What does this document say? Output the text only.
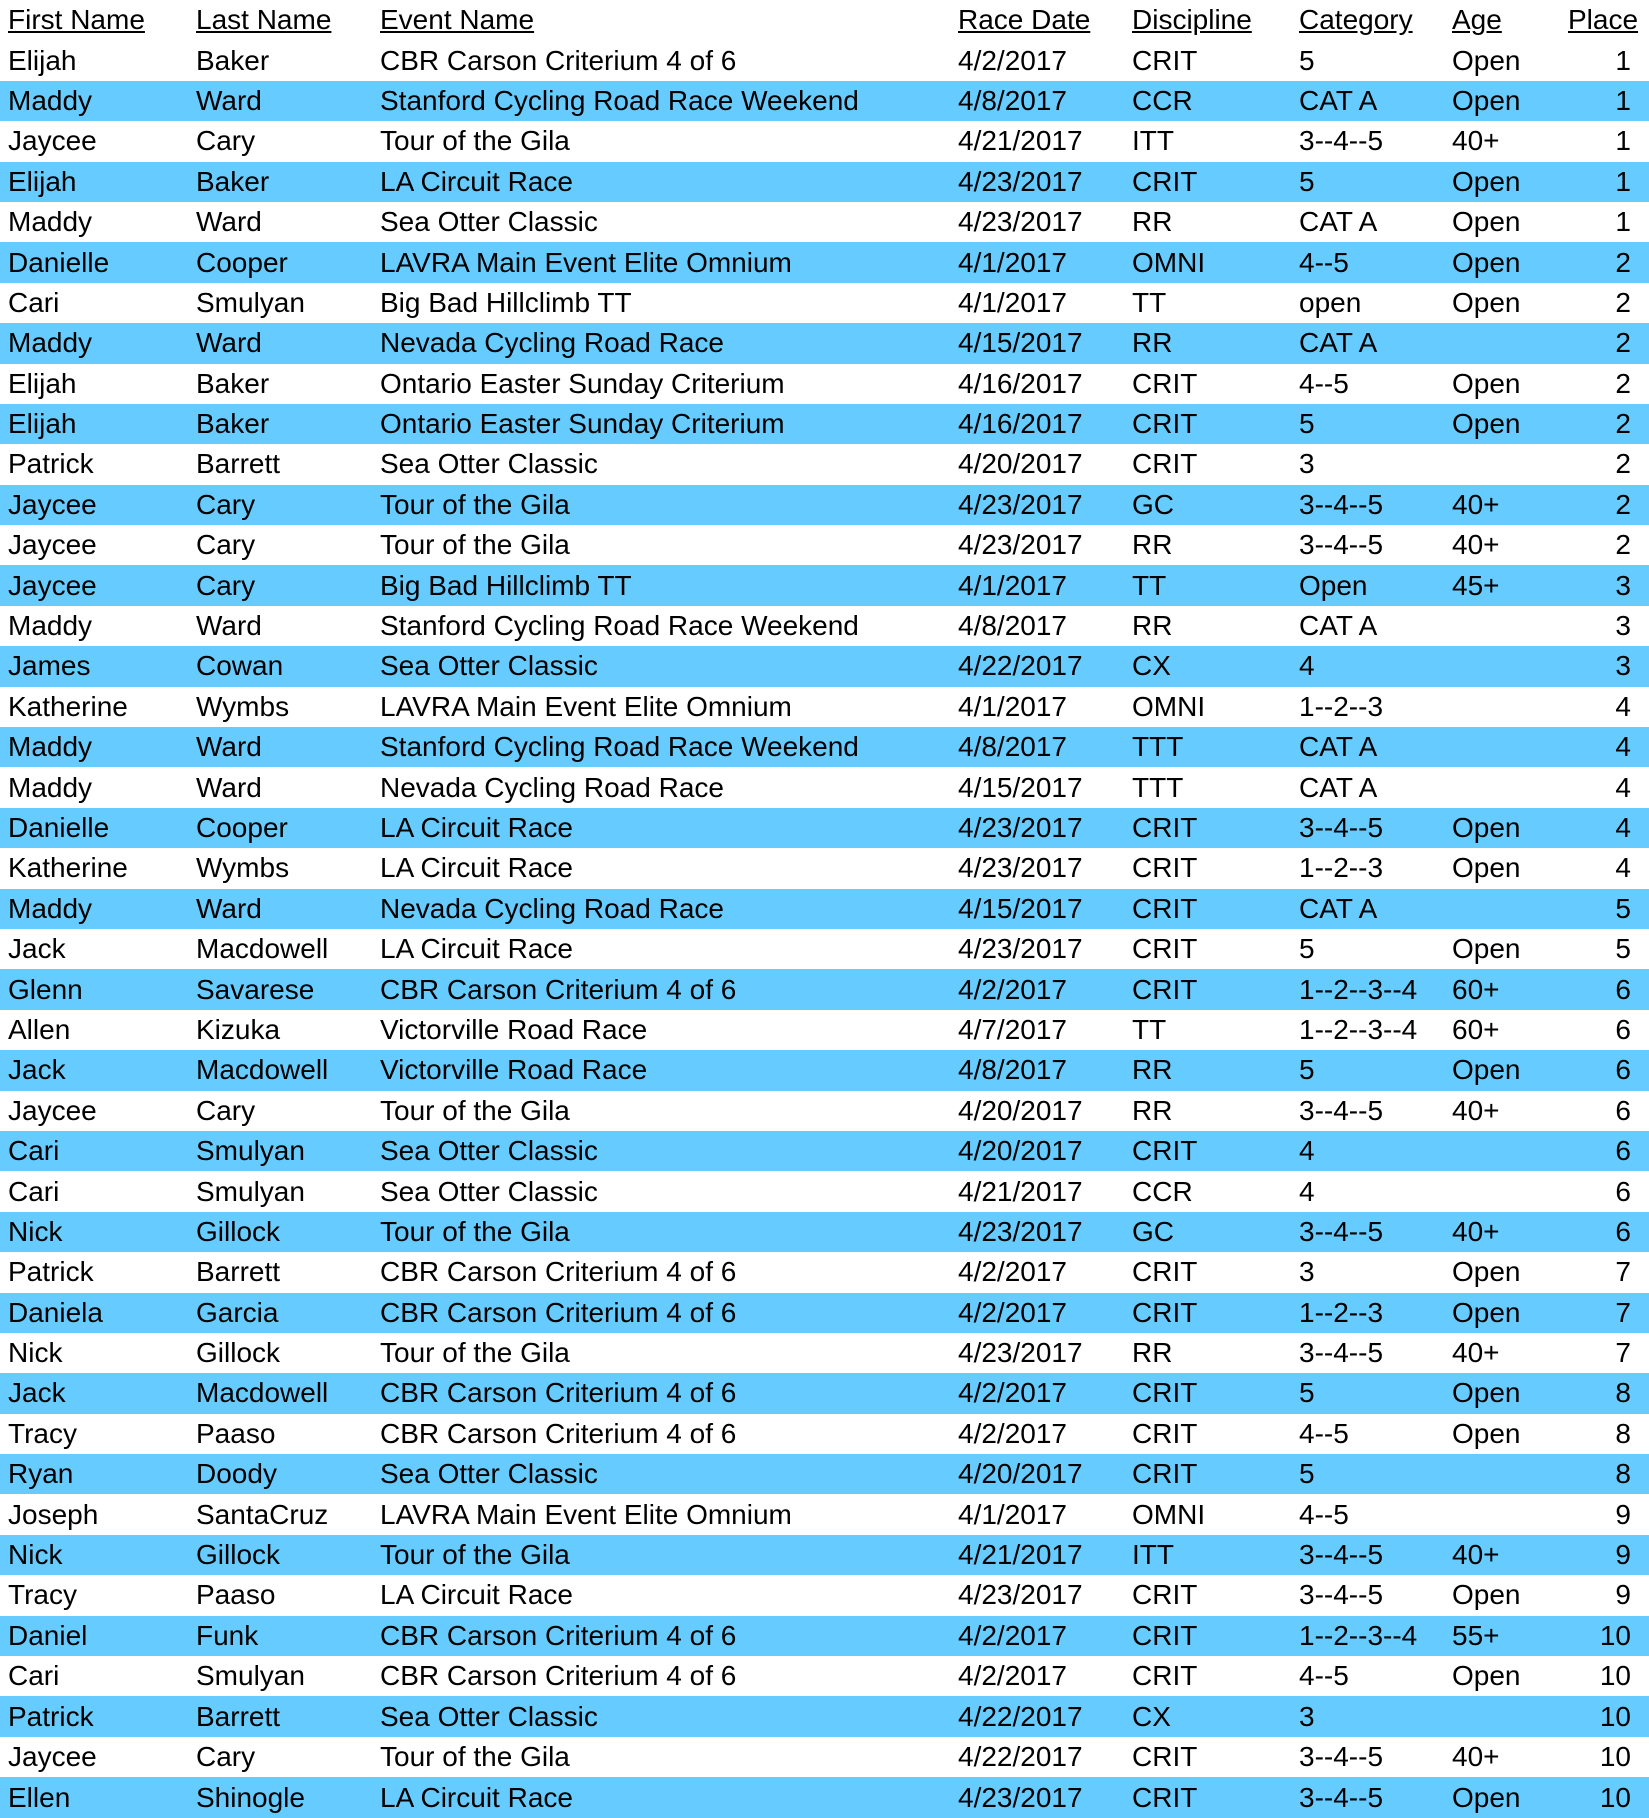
First Name	Last Name	Event Name	Race Date	Discipline	Category	Age	Place
Elijah	Baker	CBR Carson Criterium 4 of 6	4/2/2017	CRIT	5	Open	1
Maddy	Ward	Stanford Cycling Road Race Weekend	4/8/2017	CCR	CAT A	Open	1
Jaycee	Cary	Tour of the Gila	4/21/2017	ITT	3--4--5	40+	1
Elijah	Baker	LA Circuit Race	4/23/2017	CRIT	5	Open	1
Maddy	Ward	Sea Otter Classic	4/23/2017	RR	CAT A	Open	1
Danielle	Cooper	LAVRA Main Event Elite Omnium	4/1/2017	OMNI	4--5	Open	2
Cari	Smulyan	Big Bad Hillclimb TT	4/1/2017	TT	open	Open	2
Maddy	Ward	Nevada Cycling Road Race	4/15/2017	RR	CAT A		2
Elijah	Baker	Ontario Easter Sunday Criterium	4/16/2017	CRIT	4--5	Open	2
Elijah	Baker	Ontario Easter Sunday Criterium	4/16/2017	CRIT	5	Open	2
Patrick	Barrett	Sea Otter Classic	4/20/2017	CRIT	3		2
Jaycee	Cary	Tour of the Gila	4/23/2017	GC	3--4--5	40+	2
Jaycee	Cary	Tour of the Gila	4/23/2017	RR	3--4--5	40+	2
Jaycee	Cary	Big Bad Hillclimb TT	4/1/2017	TT	Open	45+	3
Maddy	Ward	Stanford Cycling Road Race Weekend	4/8/2017	RR	CAT A		3
James	Cowan	Sea Otter Classic	4/22/2017	CX	4		3
Katherine	Wymbs	LAVRA Main Event Elite Omnium	4/1/2017	OMNI	1--2--3		4
Maddy	Ward	Stanford Cycling Road Race Weekend	4/8/2017	TTT	CAT A		4
Maddy	Ward	Nevada Cycling Road Race	4/15/2017	TTT	CAT A		4
Danielle	Cooper	LA Circuit Race	4/23/2017	CRIT	3--4--5	Open	4
Katherine	Wymbs	LA Circuit Race	4/23/2017	CRIT	1--2--3	Open	4
Maddy	Ward	Nevada Cycling Road Race	4/15/2017	CRIT	CAT A		5
Jack	Macdowell	LA Circuit Race	4/23/2017	CRIT	5	Open	5
Glenn	Savarese	CBR Carson Criterium 4 of 6	4/2/2017	CRIT	1--2--3--4	60+	6
Allen	Kizuka	Victorville Road Race	4/7/2017	TT	1--2--3--4	60+	6
Jack	Macdowell	Victorville Road Race	4/8/2017	RR	5	Open	6
Jaycee	Cary	Tour of the Gila	4/20/2017	RR	3--4--5	40+	6
Cari	Smulyan	Sea Otter Classic	4/20/2017	CRIT	4		6
Cari	Smulyan	Sea Otter Classic	4/21/2017	CCR	4		6
Nick	Gillock	Tour of the Gila	4/23/2017	GC	3--4--5	40+	6
Patrick	Barrett	CBR Carson Criterium 4 of 6	4/2/2017	CRIT	3	Open	7
Daniela	Garcia	CBR Carson Criterium 4 of 6	4/2/2017	CRIT	1--2--3	Open	7
Nick	Gillock	Tour of the Gila	4/23/2017	RR	3--4--5	40+	7
Jack	Macdowell	CBR Carson Criterium 4 of 6	4/2/2017	CRIT	5	Open	8
Tracy	Paaso	CBR Carson Criterium 4 of 6	4/2/2017	CRIT	4--5	Open	8
Ryan	Doody	Sea Otter Classic	4/20/2017	CRIT	5		8
Joseph	SantaCruz	LAVRA Main Event Elite Omnium	4/1/2017	OMNI	4--5		9
Nick	Gillock	Tour of the Gila	4/21/2017	ITT	3--4--5	40+	9
Tracy	Paaso	LA Circuit Race	4/23/2017	CRIT	3--4--5	Open	9
Daniel	Funk	CBR Carson Criterium 4 of 6	4/2/2017	CRIT	1--2--3--4	55+	10
Cari	Smulyan	CBR Carson Criterium 4 of 6	4/2/2017	CRIT	4--5	Open	10
Patrick	Barrett	Sea Otter Classic	4/22/2017	CX	3		10
Jaycee	Cary	Tour of the Gila	4/22/2017	CRIT	3--4--5	40+	10
Ellen	Shinogle	LA Circuit Race	4/23/2017	CRIT	3--4--5	Open	10
